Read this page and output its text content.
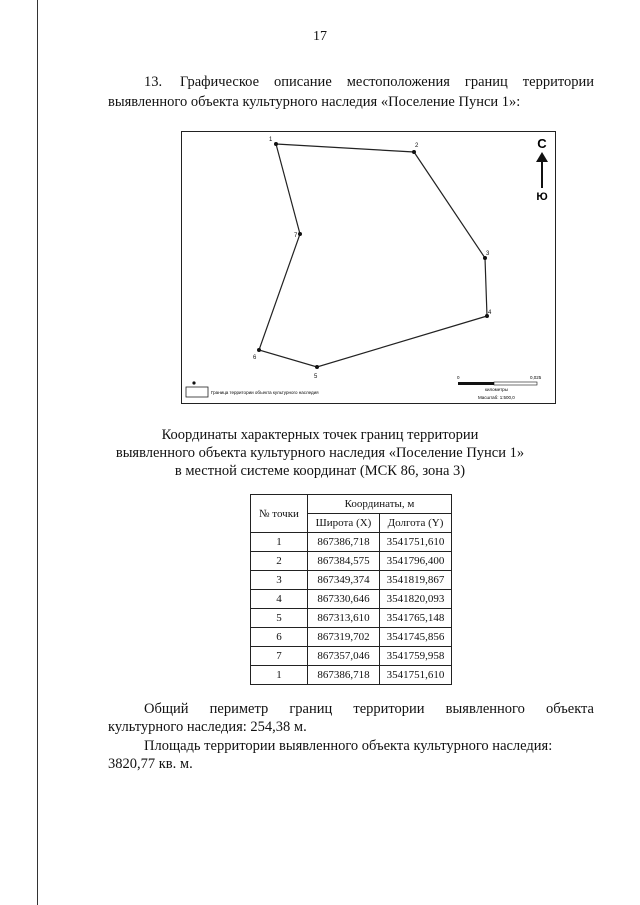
17
13. Графическое описание местоположения границ территории выявленного объекта культурного наследия «Поселение Пунси 1»:
1
2
3
4
5
6
7
С
Ю
Граница территории объекта культурного наследия
0	0,025
километры
Масштаб: 1:500,0
Координаты характерных точек границ территории
выявленного объекта культурного наследия «Поселение Пунси 1»
в местной системе координат (МСК 86, зона 3)
№ точки	Координаты, м	
	Широта (X)	Долгота (Y)
1	867386,718	3541751,610
2	867384,575	3541796,400
3	867349,374	3541819,867
4	867330,646	3541820,093
5	867313,610	3541765,148
6	867319,702	3541745,856
7	867357,046	3541759,958
1	867386,718	3541751,610
Общий периметр границ территории выявленного объекта
культурного наследия: 254,38 м.
Площадь территории выявленного объекта культурного наследия:
3820,77 кв. м.
